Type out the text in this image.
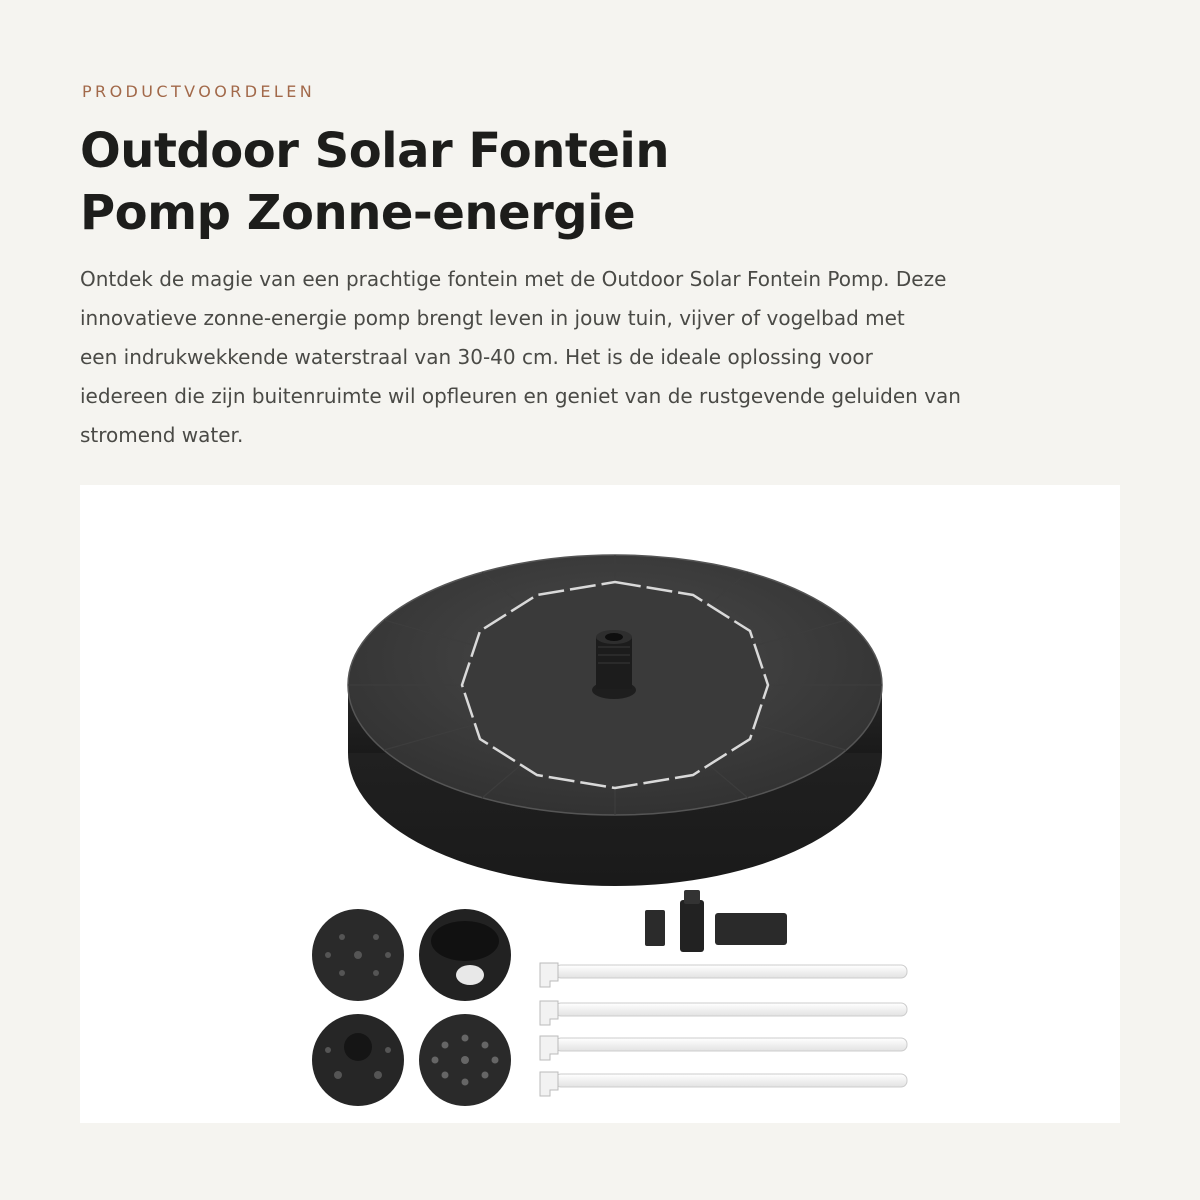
PRODUCTVOORDELEN

Outdoor Solar Fontein
Pomp Zonne-energie
Ontdek de magie van een prachtige fontein met de Outdoor Solar Fontein Pomp. Deze
innovatieve zonne-energie pomp brengt leven in jouw tuin, vijver of vogelbad met
een indrukwekkende waterstraal van 30-40 cm. Het is de ideale oplossing voor
iedereen die zijn buitenruimte wil opfleuren en geniet van de rustgevende geluiden van
stromend water.
